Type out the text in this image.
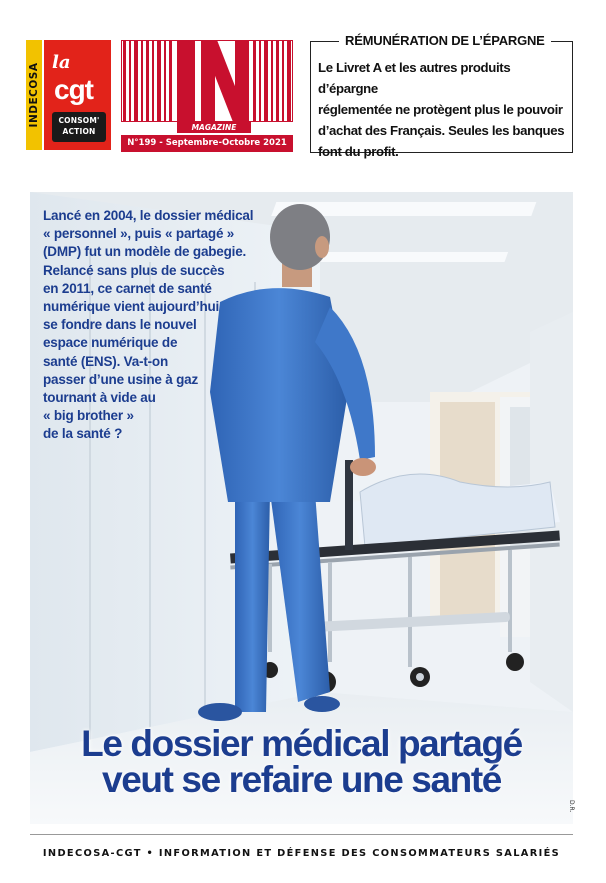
INDECOSA
la
cgt
CONSOM'
ACTION	MAGAZINE
N°199 - Septembre-Octobre 2021
RÉMUNÉRATION DE L’ÉPARGNE
Le Livret A et les autres produits d’épargne
réglementée ne protègent plus le pouvoir
d’achat des Français. Seules les banques
font du profit.
Lancé en 2004, le dossier médical
« personnel », puis « partagé »
(DMP) fut un modèle de gabegie.
Relancé sans plus de succès
en 2011, ce carnet de santé
numérique vient aujourd’hui
se fondre dans le nouvel
espace numérique de
santé (ENS). Va-t-on
passer d’une usine à gaz
tournant à vide au
« big brother »
de la santé ?
Le dossier médical partagé
veut se refaire une santé
D.R.
INDECOSA-CGT • INFORMATION ET DÉFENSE DES CONSOMMATEURS SALARIÉS
